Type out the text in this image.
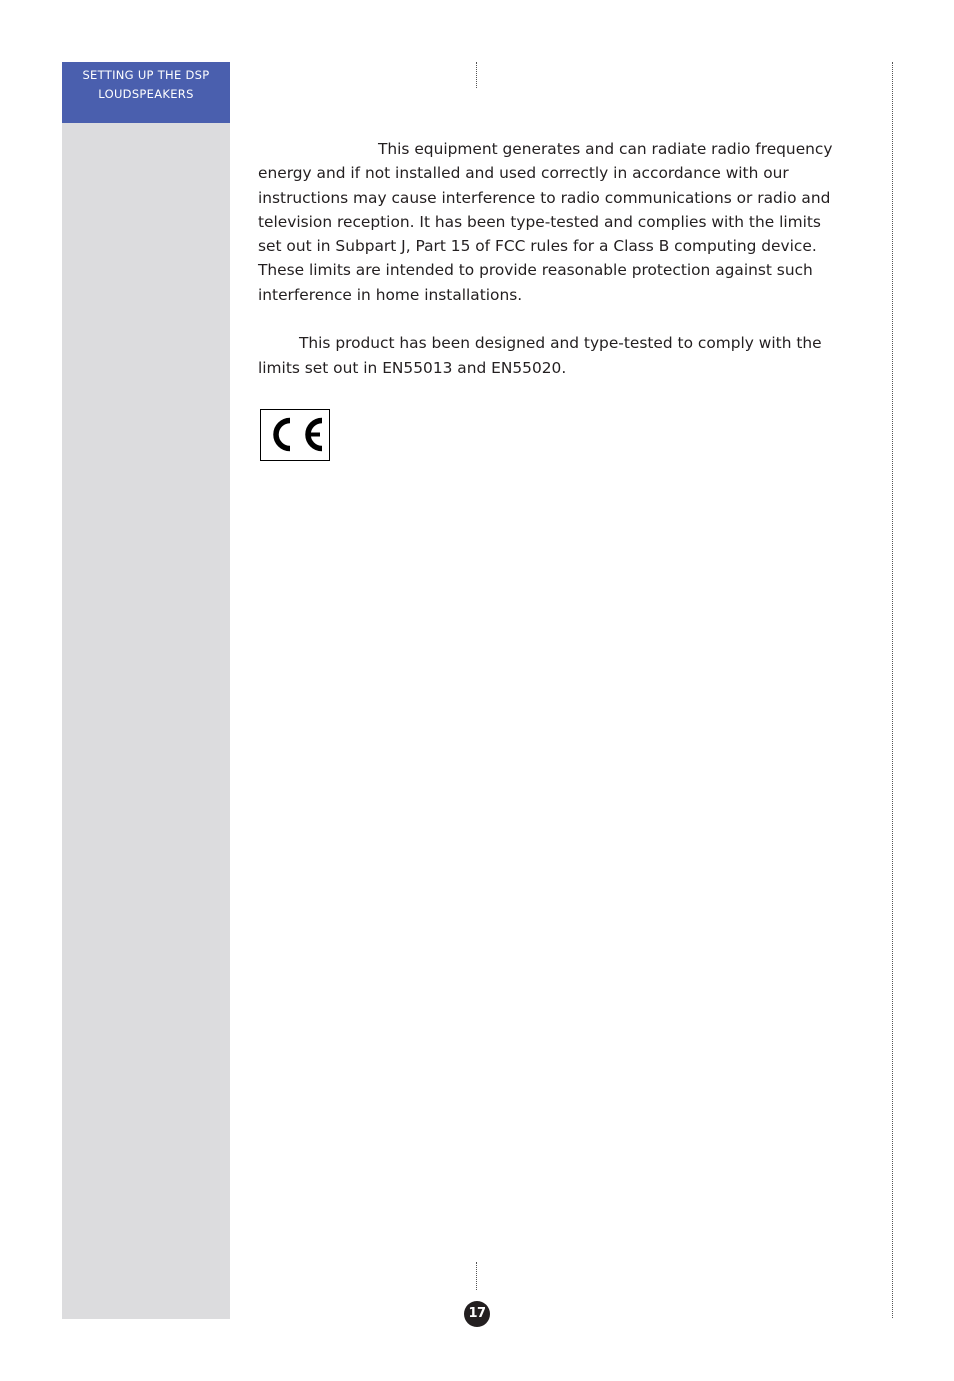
SETTING UP THE DSP
LOUDSPEAKERS

This equipment generates and can radiate radio frequency energy and if not installed and used correctly in accordance with our instructions may cause interference to radio communications or radio and television reception. It has been type-tested and complies with the limits set out in Subpart J, Part 15 of FCC rules for a Class B computing device. These limits are intended to provide reasonable protection against such interference in home installations.

This product has been designed and type-tested to comply with the limits set out in EN55013 and EN55020.

17
